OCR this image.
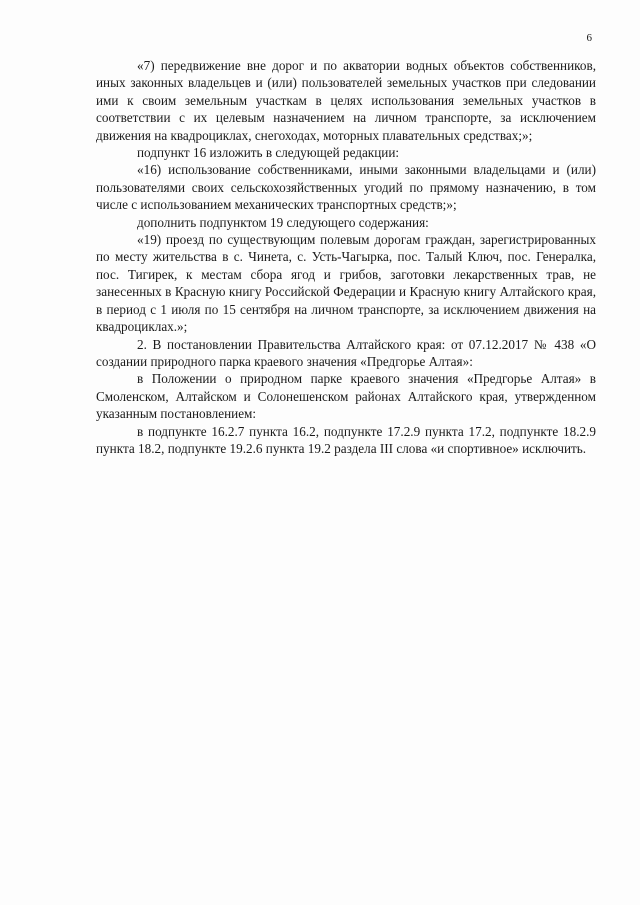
6

«7) передвижение вне дорог и по акватории водных объектов собственников, иных законных владельцев и (или) пользователей земельных участков при следовании ими к своим земельным участкам в целях использования земельных участков в соответствии с их целевым назначением на личном транспорте, за исключением движения на квадроциклах, снегоходах, моторных плавательных средствах;»;

подпункт 16 изложить в следующей редакции:

«16) использование собственниками, иными законными владельцами и (или) пользователями своих сельскохозяйственных угодий по прямому назначению, в том числе с использованием механических транспортных средств;»;

дополнить подпунктом 19 следующего содержания:

«19) проезд по существующим полевым дорогам граждан, зарегистрированных по месту жительства в с. Чинета, с. Усть-Чагырка, пос. Талый Ключ, пос. Генералка, пос. Тигирек, к местам сбора ягод и грибов, заготовки лекарственных трав, не занесенных в Красную книгу Российской Федерации и Красную книгу Алтайского края, в период с 1 июля по 15 сентября на личном транспорте, за исключением движения на квадроциклах.»;

2. В постановлении Правительства Алтайского края: от 07.12.2017 № 438 «О создании природного парка краевого значения «Предгорье Алтая»:

в Положении о природном парке краевого значения «Предгорье Алтая» в Смоленском, Алтайском и Солонешенском районах Алтайского края, утвержденном указанным постановлением:

в подпункте 16.2.7 пункта 16.2, подпункте 17.2.9 пункта 17.2, подпункте 18.2.9 пункта 18.2, подпункте 19.2.6 пункта 19.2 раздела III слова «и спортивное» исключить.
